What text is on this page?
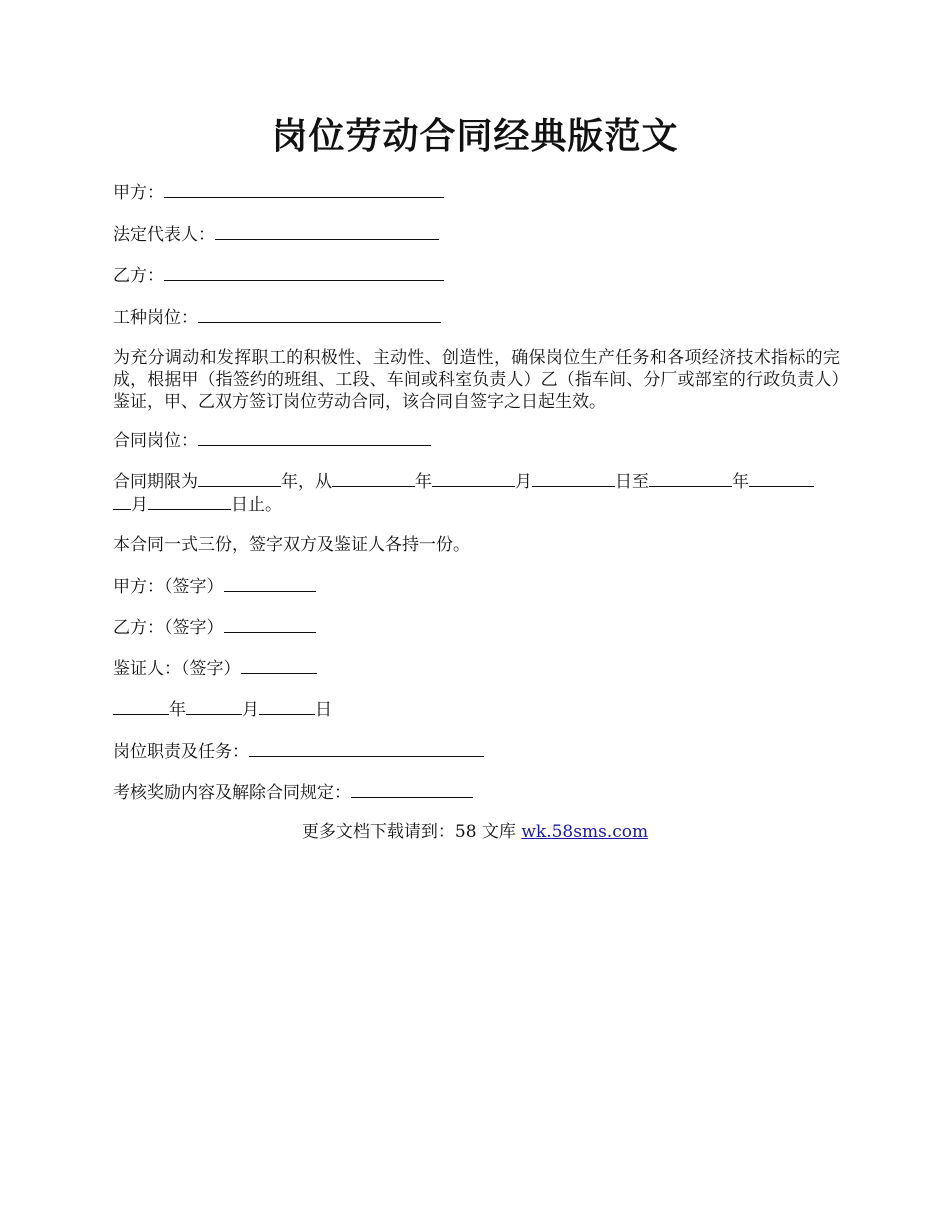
岗位劳动合同经典版范文

甲方：

法定代表人：

乙方：

工种岗位：

为充分调动和发挥职工的积极性、主动性、创造性，确保岗位生产任务和各项经济技术指标的完成，根据甲（指签约的班组、工段、车间或科室负责人）乙（指车间、分厂或部室的行政负责人）鉴证，甲、乙双方签订岗位劳动合同，该合同自签字之日起生效。

合同岗位：

合同期限为	年，从	年	月	日至	年

月	日止。

本合同一式三份，签字双方及鉴证人各持一份。

甲方：（签字）

乙方：（签字）

鉴证人：（签字）

年	月	日

岗位职责及任务：

考核奖励内容及解除合同规定：

更多文档下载请到：58 文库 wk.58sms.com
